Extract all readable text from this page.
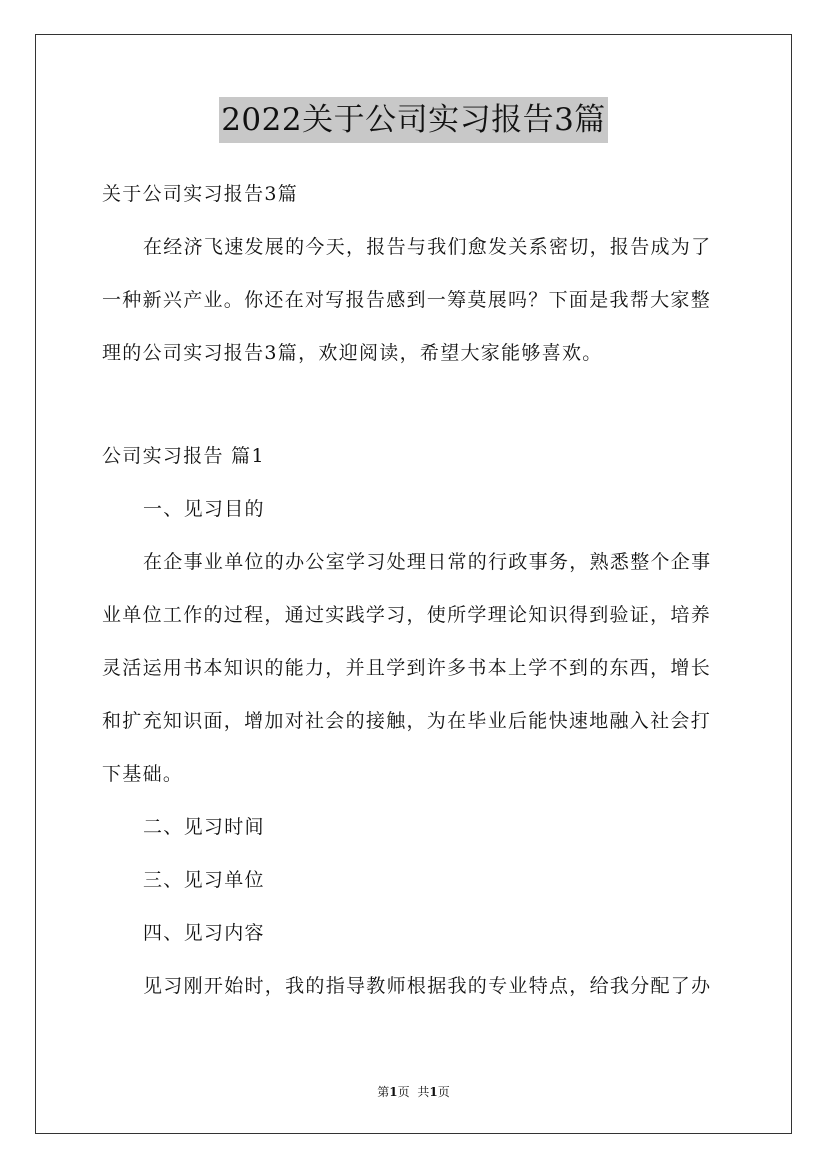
2022关于公司实习报告3篇
关于公司实习报告3篇
在经济飞速发展的今天，报告与我们愈发关系密切，报告成为了
一种新兴产业。你还在对写报告感到一筹莫展吗？下面是我帮大家整
理的公司实习报告3篇，欢迎阅读，希望大家能够喜欢。
公司实习报告 篇1
一、见习目的
在企事业单位的办公室学习处理日常的行政事务，熟悉整个企事
业单位工作的过程，通过实践学习，使所学理论知识得到验证，培养
灵活运用书本知识的能力，并且学到许多书本上学不到的东西，增长
和扩充知识面，增加对社会的接触，为在毕业后能快速地融入社会打
下基础。
二、见习时间
三、见习单位
四、见习内容
见习刚开始时，我的指导教师根据我的专业特点，给我分配了办
第1页 共1页
